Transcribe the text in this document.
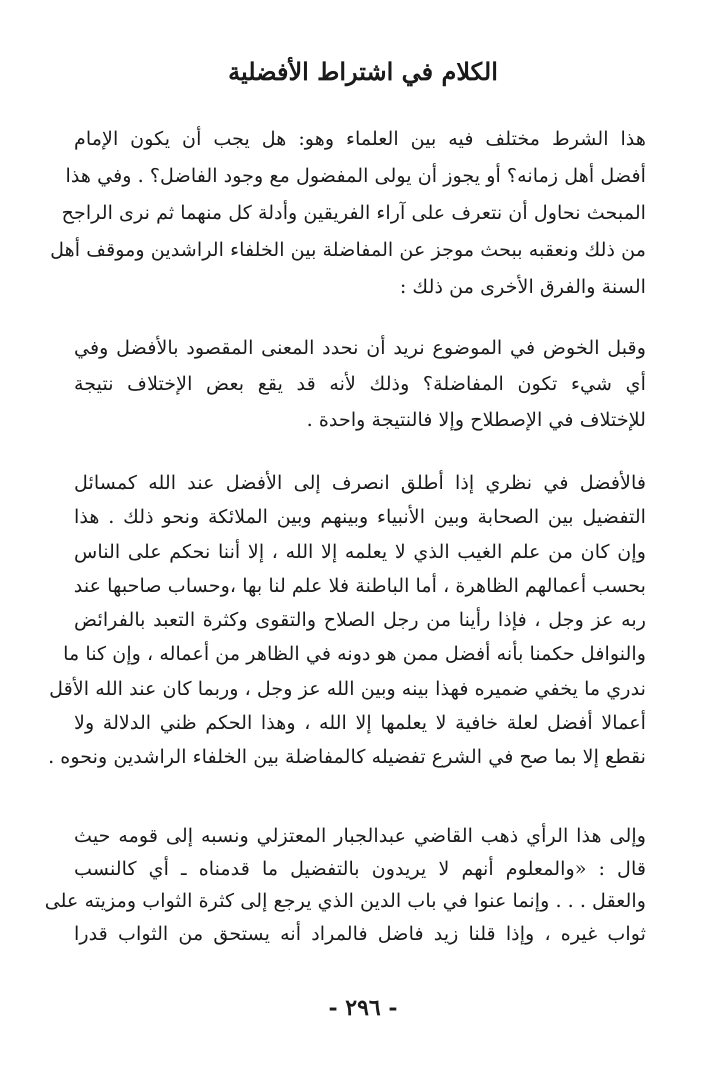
الكلام في اشتراط الأفضلية
هذا الشرط مختلف فيه بين العلماء وهو: هل يجب أن يكون الإمام
أفضل أهل زمانه؟ أو يجوز أن يولى المفضول مع وجود الفاضل؟ . وفي هذا
المبحث نحاول أن نتعرف على آراء الفريقين وأدلة كل منهما ثم نرى الراجح
من ذلك ونعقبه ببحث موجز عن المفاضلة بين الخلفاء الراشدين وموقف أهل
السنة والفرق الأخرى من ذلك :
وقبل الخوض في الموضوع نريد أن نحدد المعنى المقصود بالأفضل وفي
أي شيء تكون المفاضلة؟ وذلك لأنه قد يقع بعض الإختلاف نتيجة
للإختلاف في الإصطلاح وإلا فالنتيجة واحدة .
فالأفضل في نظري إذا أطلق انصرف إلى الأفضل عند الله كمسائل
التفضيل بين الصحابة وبين الأنبياء وبينهم وبين الملائكة ونحو ذلك . هذا
وإن كان من علم الغيب الذي لا يعلمه إلا الله ، إلا أننا نحكم على الناس
بحسب أعمالهم الظاهرة ، أما الباطنة فلا علم لنا بها ،وحساب صاحبها عند
ربه عز وجل ، فإذا رأينا من رجل الصلاح والتقوى وكثرة التعبد بالفرائض
والنوافل حكمنا بأنه أفضل ممن هو دونه في الظاهر من أعماله ، وإن كنا ما
ندري ما يخفي ضميره فهذا بينه وبين الله عز وجل ، وربما كان عند الله الأقل
أعمالا أفضل لعلة خافية لا يعلمها إلا الله ، وهذا الحكم ظني الدلالة ولا
نقطع إلا بما صح في الشرع تفضيله كالمفاضلة بين الخلفاء الراشدين ونحوه .
وإلى هذا الرأي ذهب القاضي عبدالجبار المعتزلي ونسبه إلى قومه حيث
قال : «والمعلوم أنهم لا يريدون بالتفضيل ما قدمناه ـ أي كالنسب
والعقل . . . وإنما عنوا في باب الدين الذي يرجع إلى كثرة الثواب ومزيته على
ثواب غيره ، وإذا قلنا زيد فاضل فالمراد أنه يستحق من الثواب قدرا
- ٢٩٦ -
